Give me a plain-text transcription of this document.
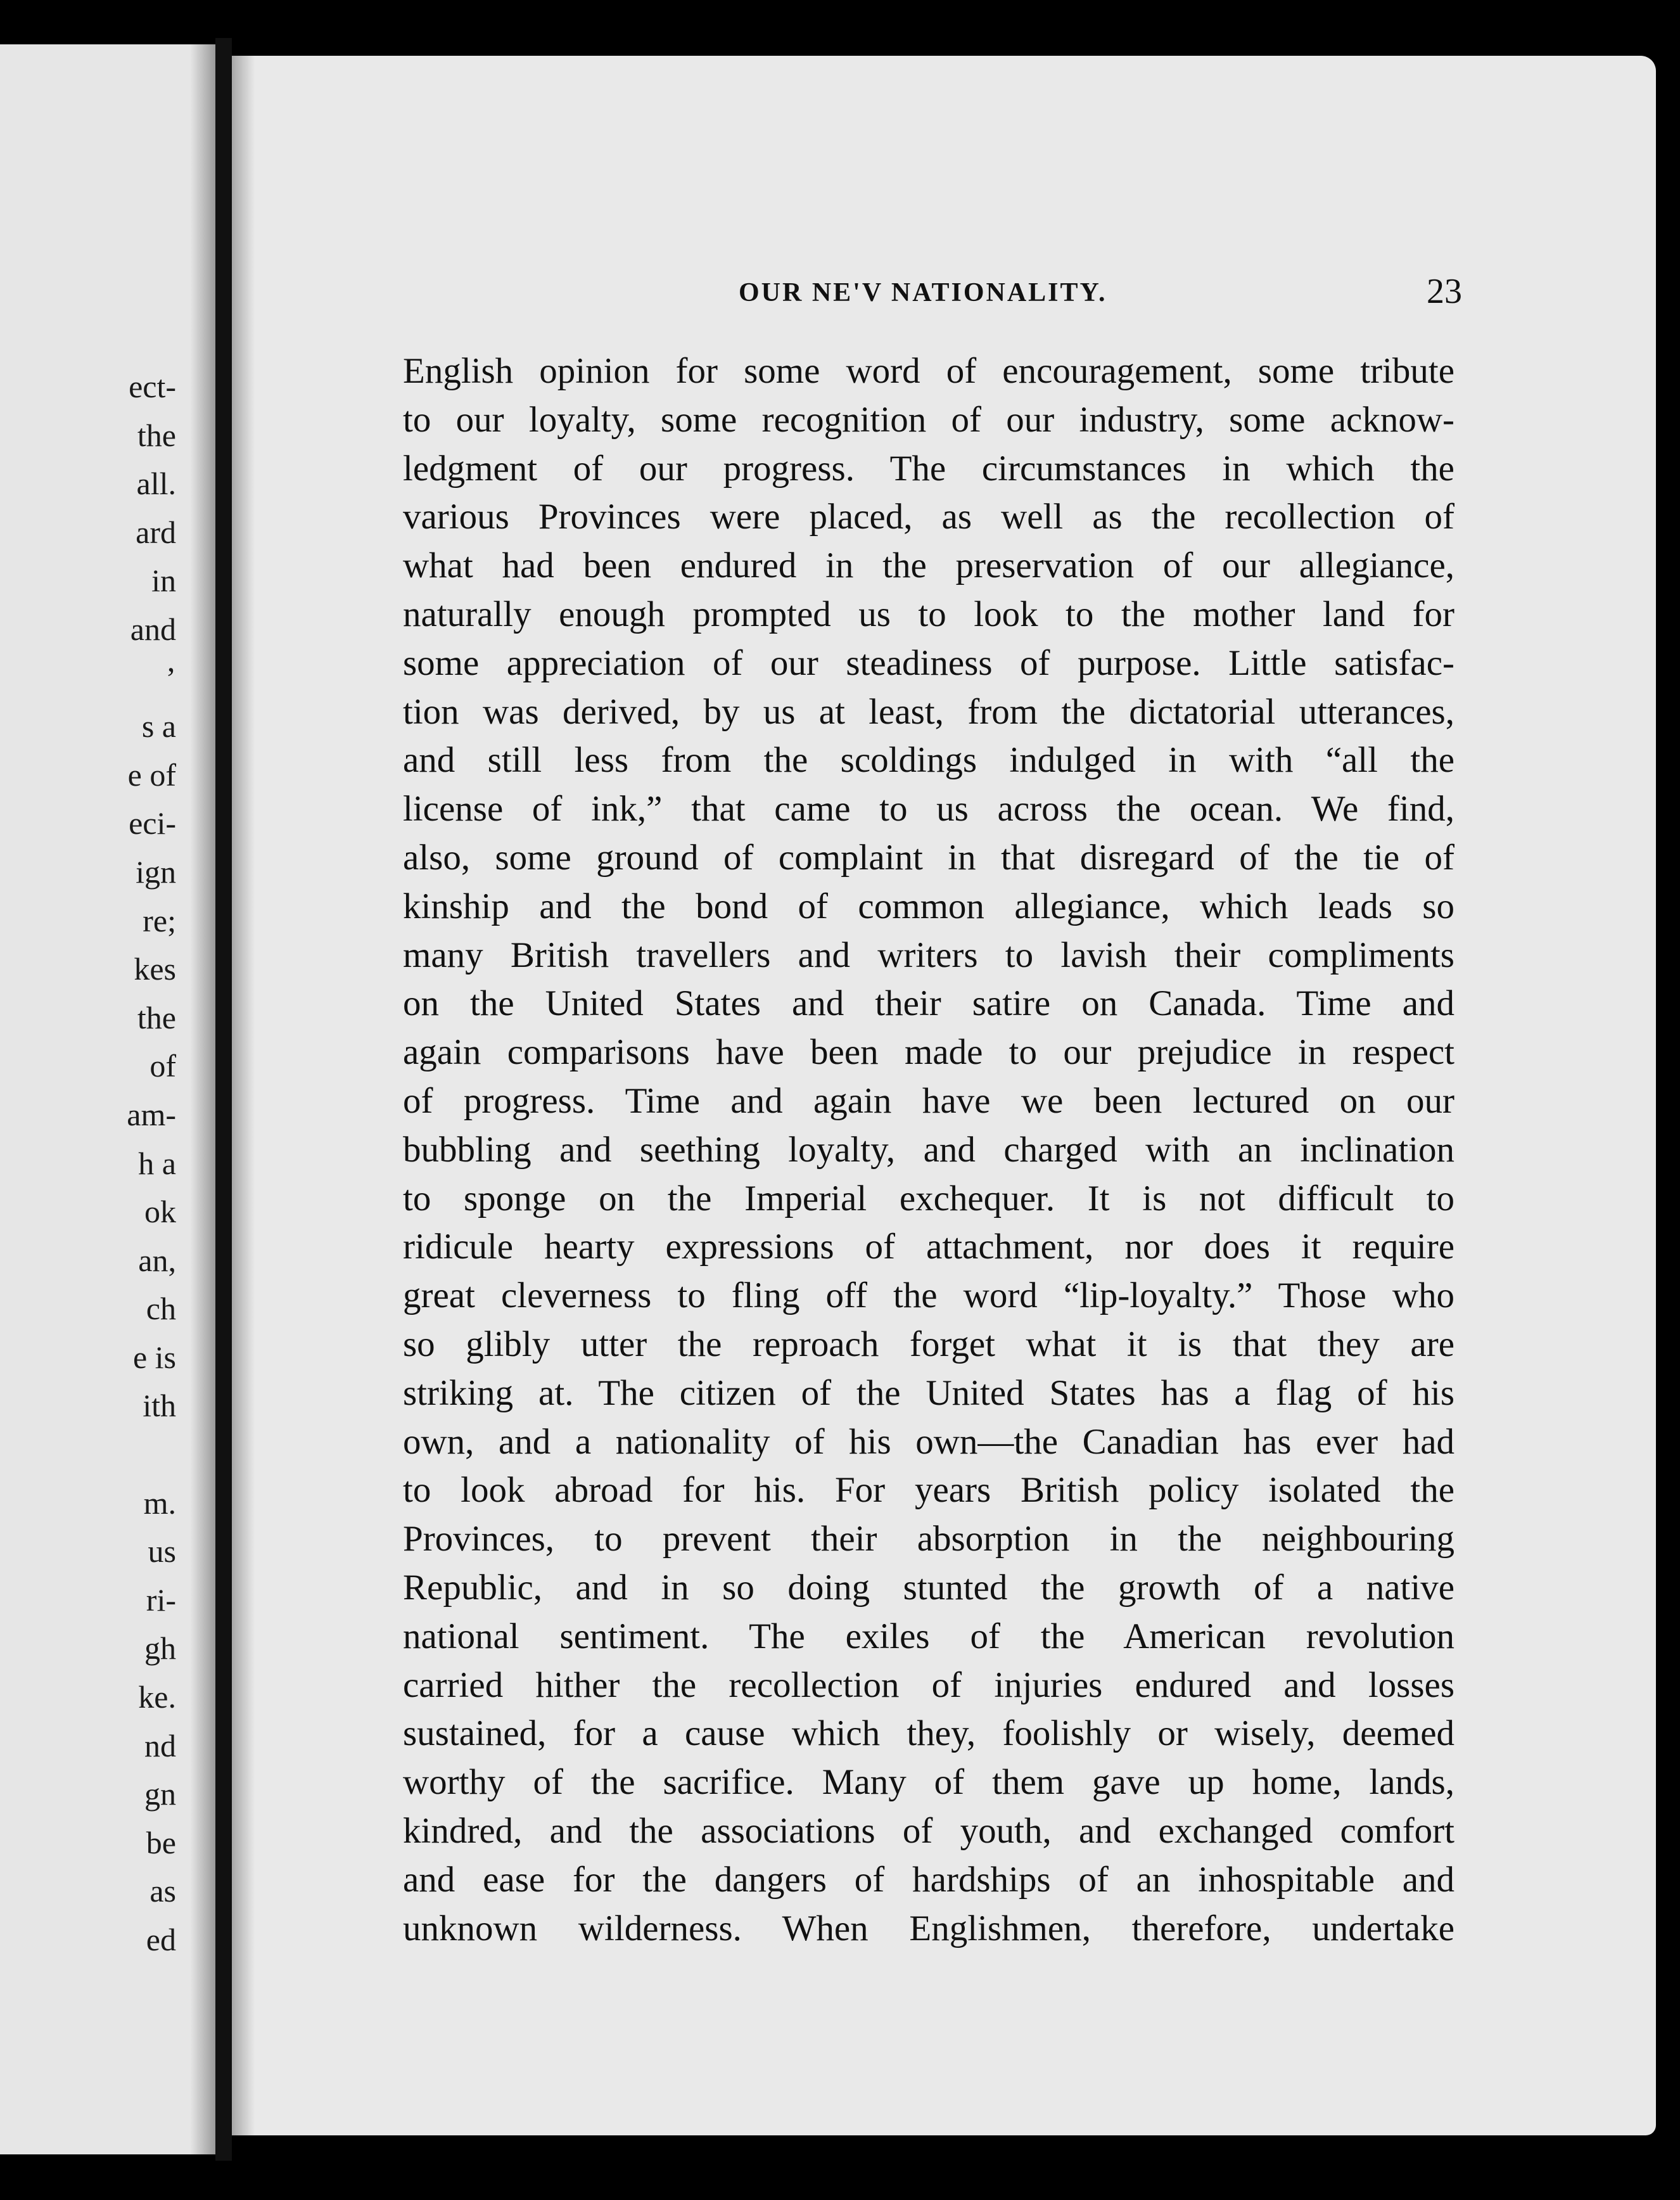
ect-
the
all.
ard
in
and
’
s a
e of
eci-
ign
re;
kes
the
of
am-
h a
ok
an,
ch
e is
ith
m.
us
ri-
gh
ke.
nd
gn
be
as
ed
OUR NE'V NATIONALITY.	23
English opinion for some word of encouragement, some tribute
to our loyalty, some recognition of our industry, some acknow-
ledgment of our progress. The circumstances in which the
various Provinces were placed, as well as the recollection of
what had been endured in the preservation of our allegiance,
naturally enough prompted us to look to the mother land for
some appreciation of our steadiness of purpose. Little satisfac-
tion was derived, by us at least, from the dictatorial utterances,
and still less from the scoldings indulged in with “all the
license of ink,” that came to us across the ocean. We find,
also, some ground of complaint in that disregard of the tie of
kinship and the bond of common allegiance, which leads so
many British travellers and writers to lavish their compliments
on the United States and their satire on Canada. Time and
again comparisons have been made to our prejudice in respect
of progress. Time and again have we been lectured on our
bubbling and seething loyalty, and charged with an inclination
to sponge on the Imperial exchequer. It is not difficult to
ridicule hearty expressions of attachment, nor does it require
great cleverness to fling off the word “lip-loyalty.” Those who
so glibly utter the reproach forget what it is that they are
striking at. The citizen of the United States has a flag of his
own, and a nationality of his own—the Canadian has ever had
to look abroad for his. For years British policy isolated the
Provinces, to prevent their absorption in the neighbouring
Republic, and in so doing stunted the growth of a native
national sentiment. The exiles of the American revolution
carried hither the recollection of injuries endured and losses
sustained, for a cause which they, foolishly or wisely, deemed
worthy of the sacrifice. Many of them gave up home, lands,
kindred, and the associations of youth, and exchanged comfort
and ease for the dangers of hardships of an inhospitable and
unknown wilderness. When Englishmen, therefore, undertake
